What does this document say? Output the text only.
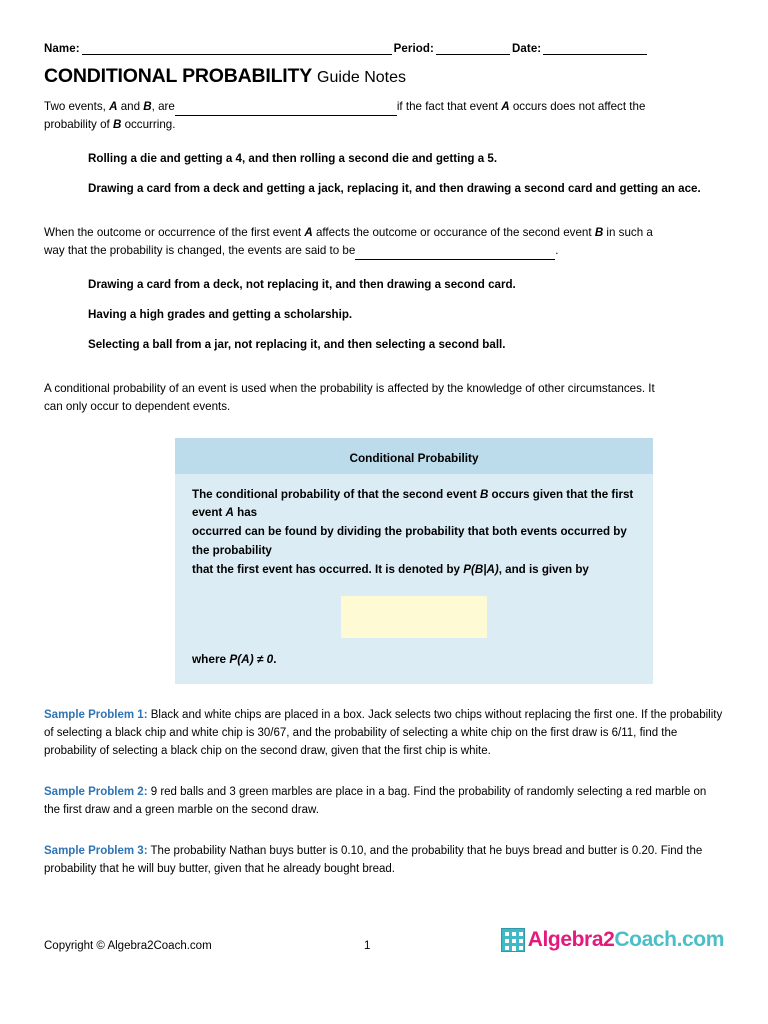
Name:	Period:	Date:
CONDITIONAL PROBABILITY Guide Notes
Two events, A and B, are	if the fact that event A occurs does not affect the
probability of B occurring.
Rolling a die and getting a 4, and then rolling a second die and getting a 5.
Drawing a card from a deck and getting a jack, replacing it, and then drawing a second card and getting an ace.
When the outcome or occurrence of the first event A affects the outcome or occurance of the second event B in such a
way that the probability is changed, the events are said to be	.
Drawing a card from a deck, not replacing it, and then drawing a second card.
Having a high grades and getting a scholarship.
Selecting a ball from a jar, not replacing it, and then selecting a second ball.
A conditional probability of an event is used when the probability is affected by the knowledge of other circumstances. It
can only occur to dependent events.
Conditional Probability
The conditional probability of that the second event B occurs given that the first event A has
occurred can be found by dividing the probability that both events occurred by the probability
that the first event has occurred. It is denoted by P(B|A), and is given by
where P(A) ≠ 0.
Sample Problem 1: Black and white chips are placed in a box. Jack selects two chips without replacing the first one. If the probability of selecting a black chip and white chip is 30/67, and the probability of selecting a white chip on the first draw is 6/11, find the probability of selecting a black chip on the second draw, given that the first chip is white.
Sample Problem 2: 9 red balls and 3 green marbles are place in a bag. Find the probability of randomly selecting a red marble on the first draw and a green marble on the second draw.
Sample Problem 3: The probability Nathan buys butter is 0.10, and the probability that he buys bread and butter is 0.20. Find the probability that he will buy butter, given that he already bought bread.
Copyright © Algebra2Coach.com	1	Algebra2Coach.com
